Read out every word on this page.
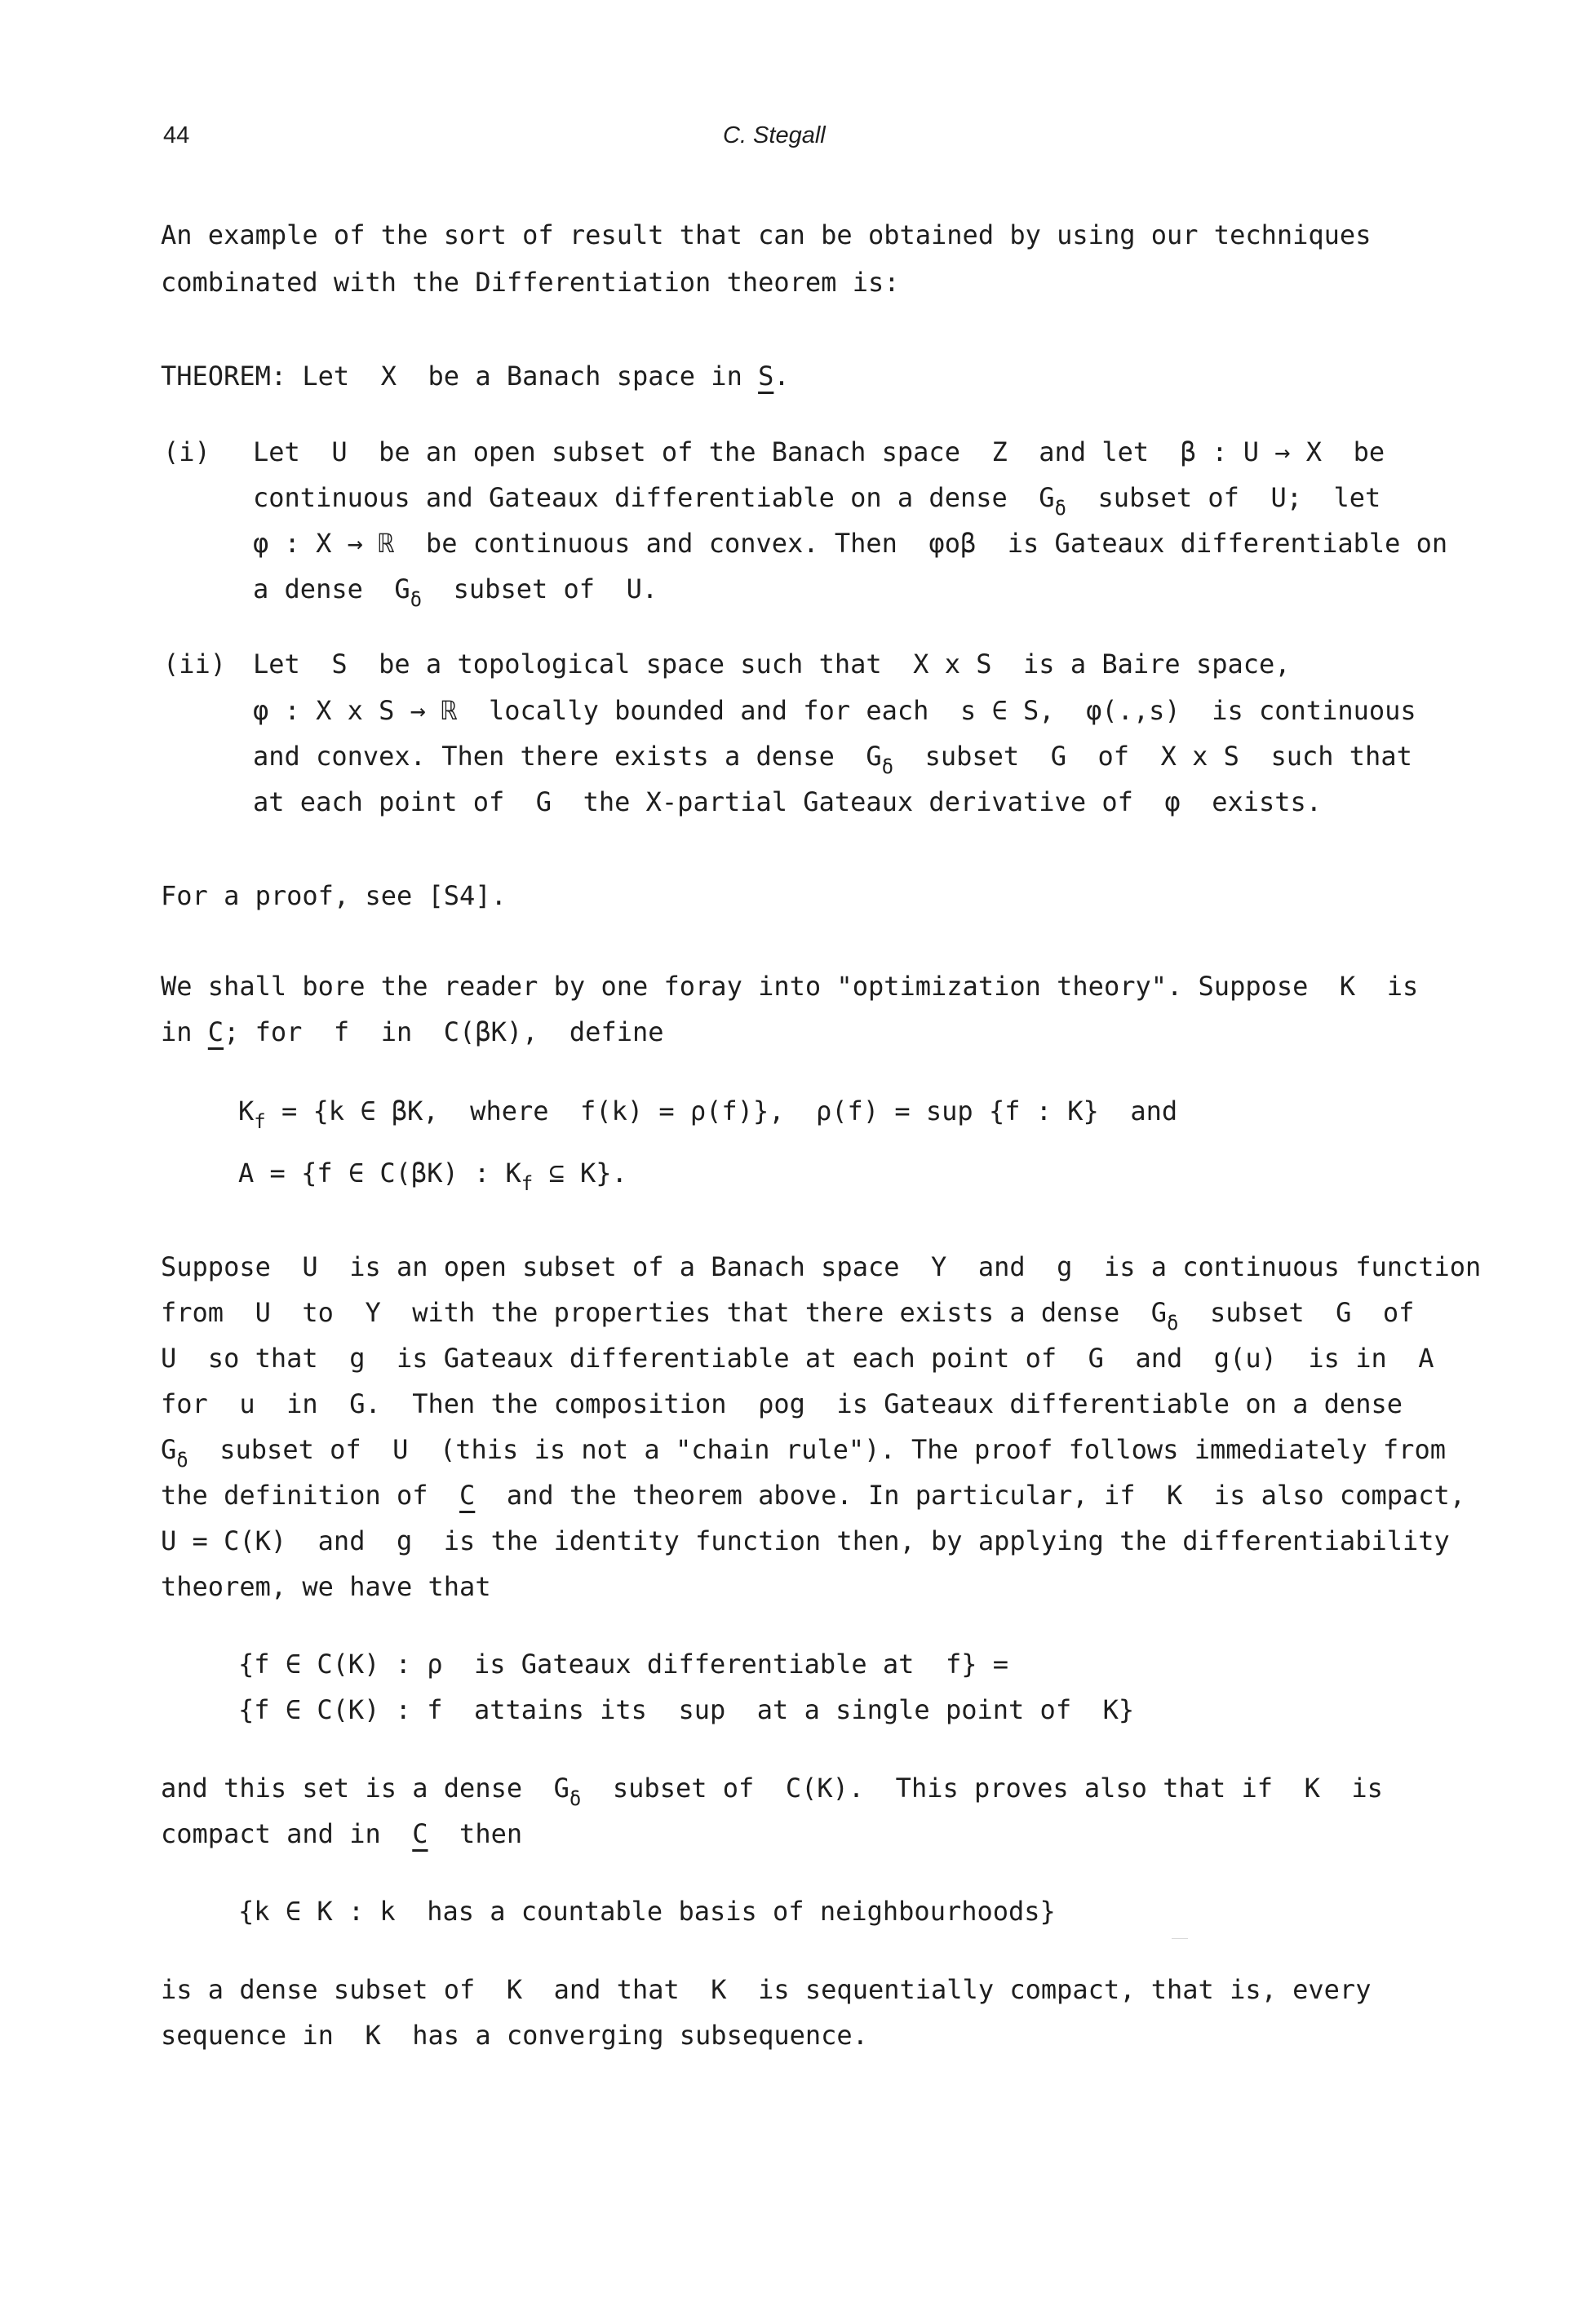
44	C. Stegall
An example of the sort of result that can be obtained by using our techniques
combinated with the Differentiation theorem is:
THEOREM: Let  X  be a Banach space in S.
(i) Let  U  be an open subset of the Banach space  Z  and let  β : U → X  be
continuous and Gateaux differentiable on a dense  $G_\delta$  subset of  U;  let
φ : X → ℝ  be continuous and convex. Then  φoβ  is Gateaux differentiable on
a dense  $G_\delta$  subset of  U.
(ii) Let  S  be a topological space such that  X x S  is a Baire space,
φ : X x S → ℝ  locally bounded and for each  s ∈ S,  φ(.,s)  is continuous
and convex. Then there exists a dense  $G_\delta$  subset  G  of  X x S  such that
at each point of  G  the X-partial Gateaux derivative of  φ  exists.
For a proof, see [S4].
We shall bore the reader by one foray into "optimization theory". Suppose  K  is
in C; for  f  in  C(βK),  define
$K_f = \{k$ ∈ βK,  where  f(k) = ρ(f)},  ρ(f) = sup {f : K}  and
A = {f ∈ C(βK) : $K_f$ ⊆ K}.
Suppose  U  is an open subset of a Banach space  Y  and  g  is a continuous function
from  U  to  Y  with the properties that there exists a dense  $G_\delta$  subset  G  of
U  so that  g  is Gateaux differentiable at each point of  G  and  g(u)  is in  A
for  u  in  G.  Then the composition  ρog  is Gateaux differentiable on a dense
$G_\delta$  subset of  U  (this is not a "chain rule"). The proof follows immediately from
the definition of  C  and the theorem above. In particular, if  K  is also compact,
U = C(K)  and  g  is the identity function then, by applying the differentiability
theorem, we have that
{f ∈ C(K) : ρ  is Gateaux differentiable at  f} =
{f ∈ C(K) : f  attains its  sup  at a single point of  K}
and this set is a dense  $G_\delta$  subset of  C(K).  This proves also that if  K  is
compact and in  C  then
{k ∈ K : k  has a countable basis of neighbourhoods}
is a dense subset of  K  and that  K  is sequentially compact, that is, every
sequence in  K  has a converging subsequence.
